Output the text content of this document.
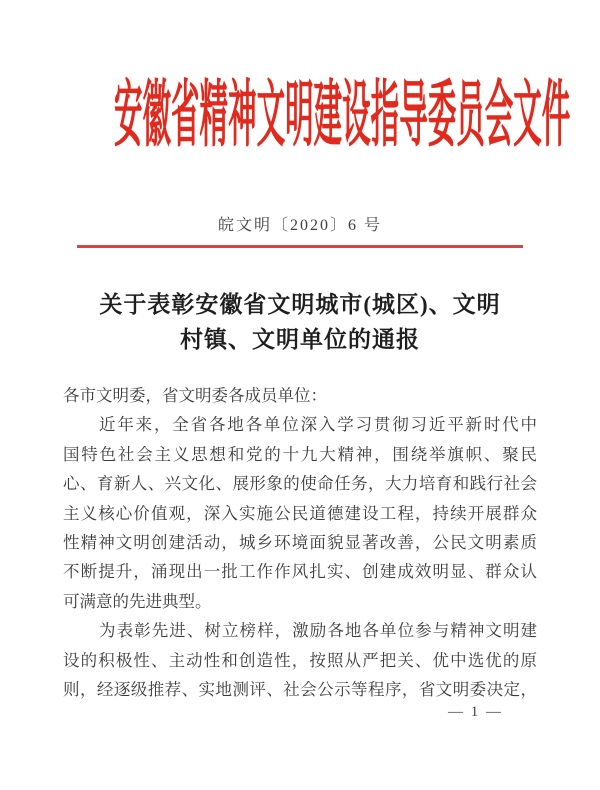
安徽省精神文明建设指导委员会文件
皖文明〔2020〕6 号
关于表彰安徽省文明城市(城区)、文明
村镇、文明单位的通报
各市文明委，省文明委各成员单位：
近年来，全省各地各单位深入学习贯彻习近平新时代中
国特色社会主义思想和党的十九大精神，围绕举旗帜、聚民
心、育新人、兴文化、展形象的使命任务，大力培育和践行社会
主义核心价值观，深入实施公民道德建设工程，持续开展群众
性精神文明创建活动，城乡环境面貌显著改善，公民文明素质
不断提升，涌现出一批工作作风扎实、创建成效明显、群众认
可满意的先进典型。
为表彰先进、树立榜样，激励各地各单位参与精神文明建
设的积极性、主动性和创造性，按照从严把关、优中选优的原
则，经逐级推荐、实地测评、社会公示等程序，省文明委决定，
— 1 —
